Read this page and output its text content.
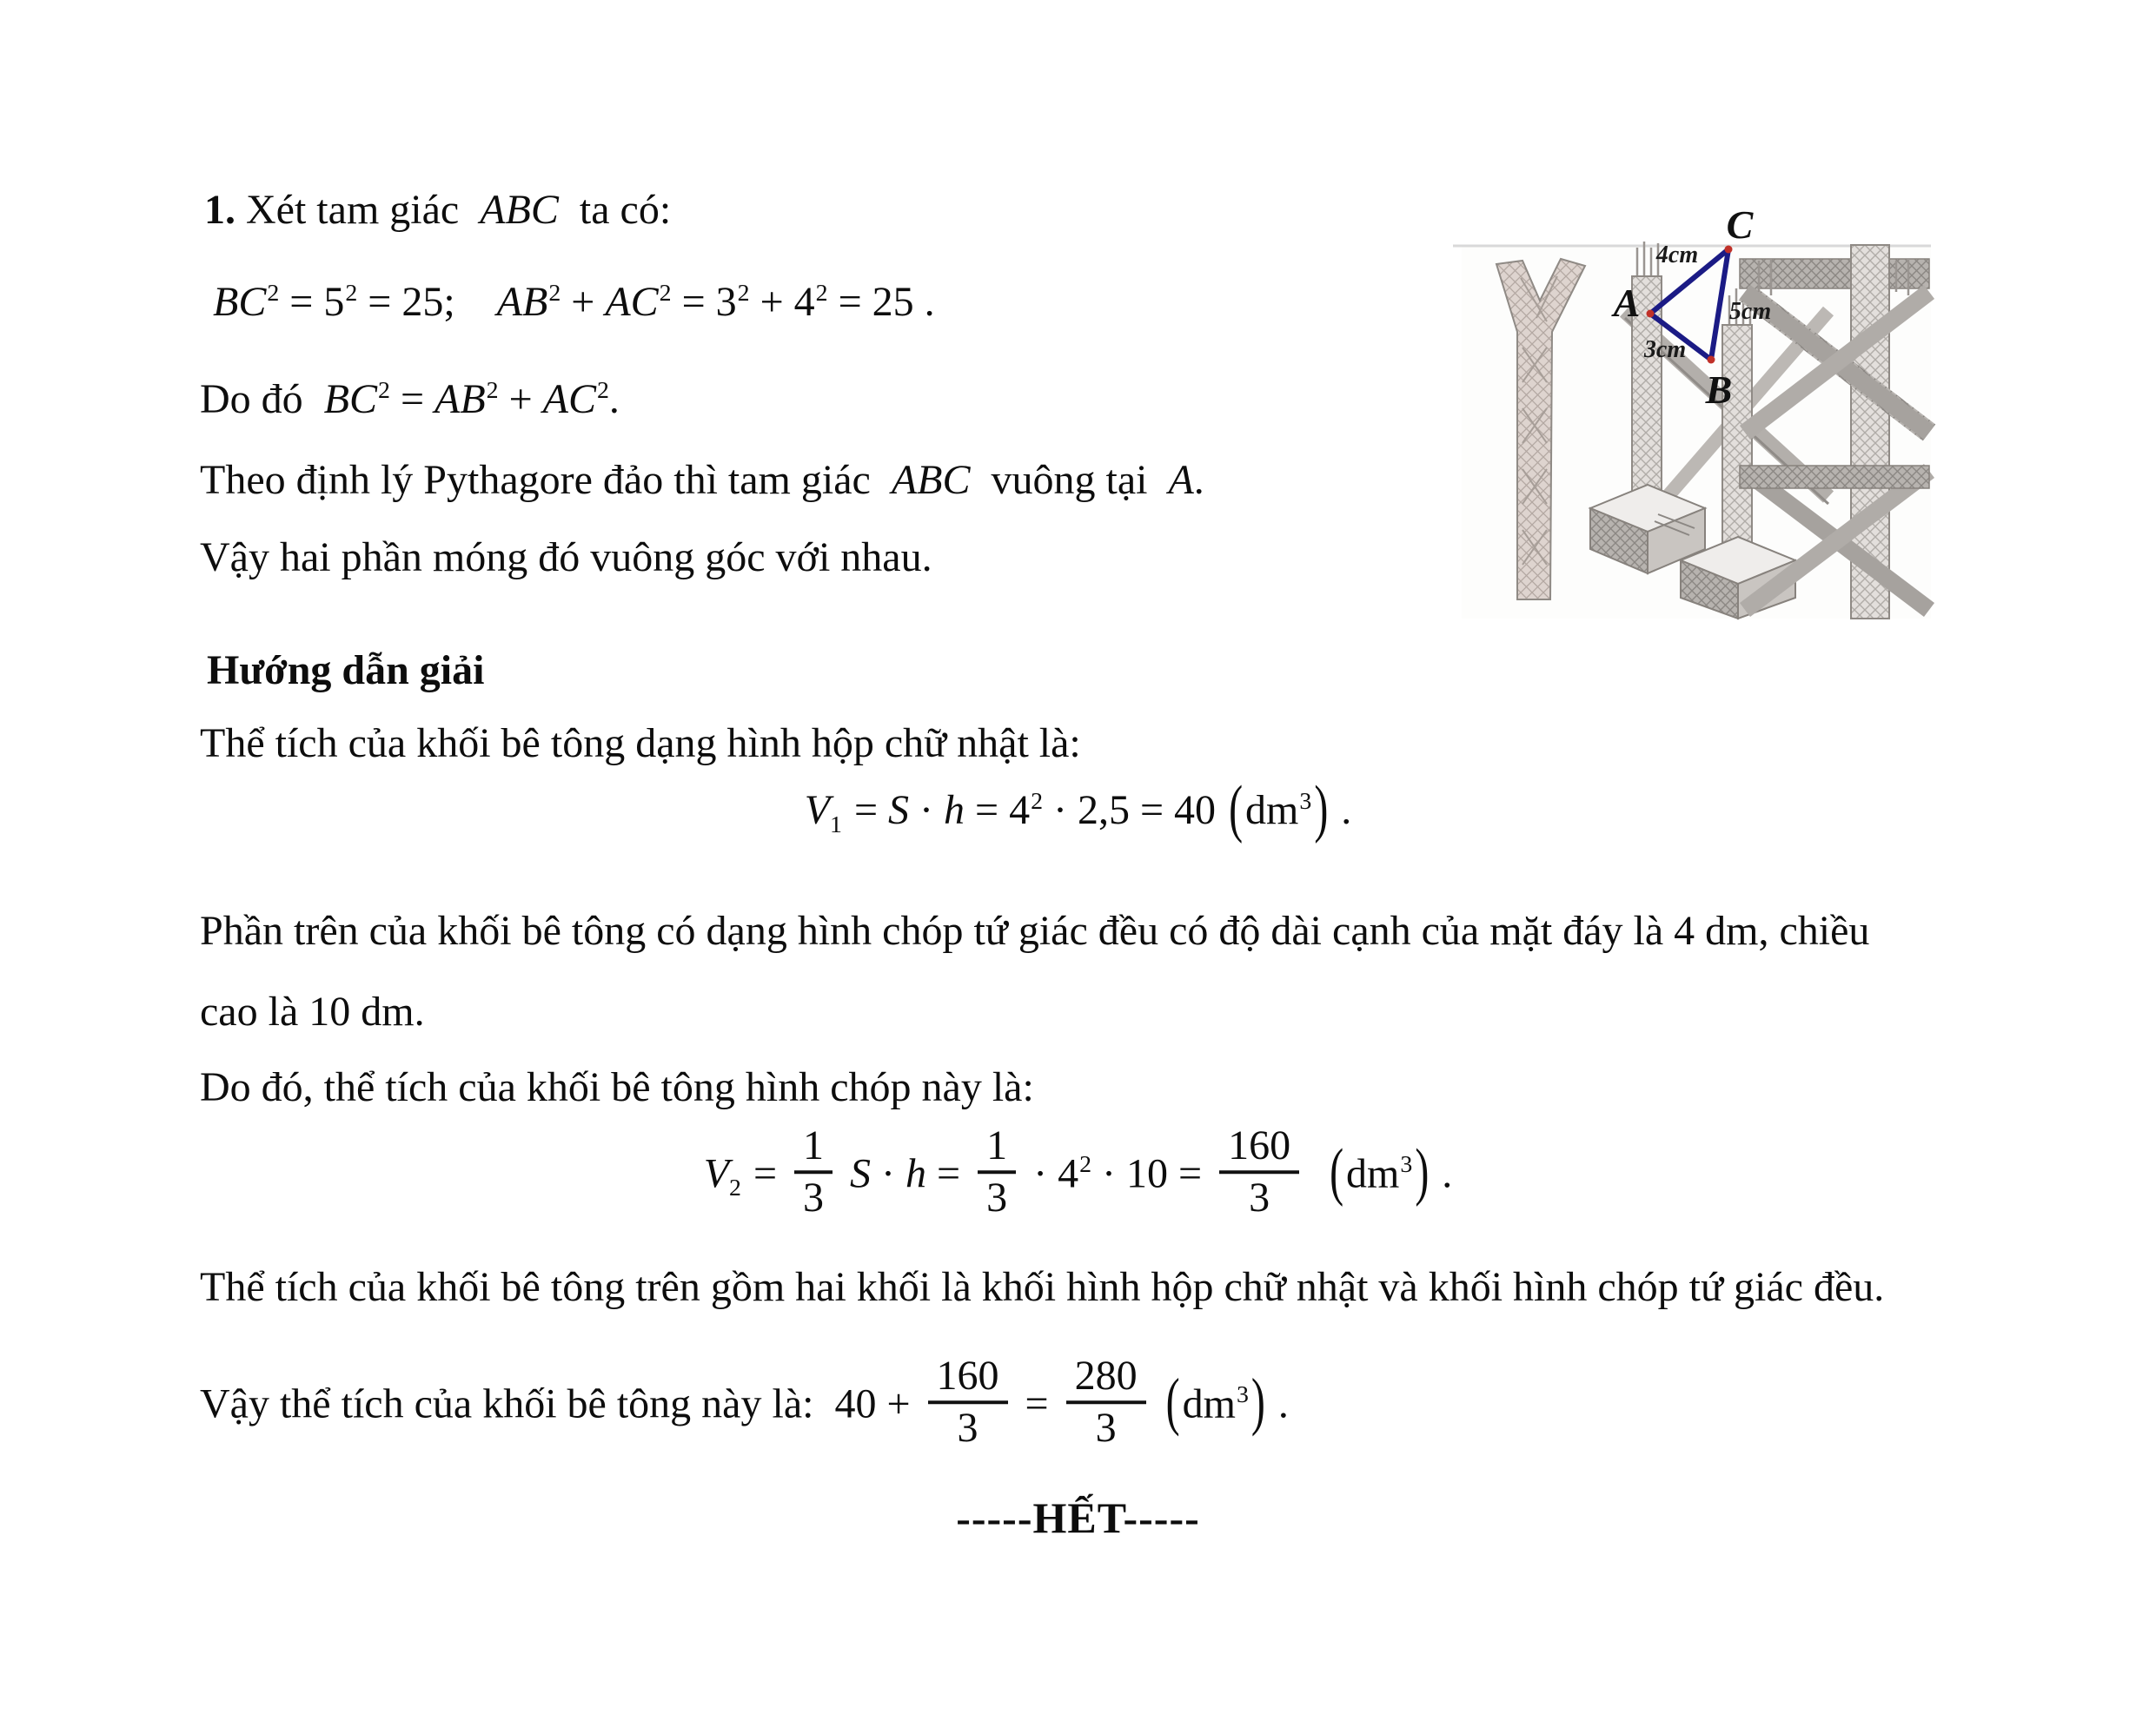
1. Xét tam giác  ABC  ta có:
$BC^2 = 5^2 = 25$;    $AB^2 + AC^2 = 3^2 + 4^2 = 25$ .
Do đó  $BC^2 = AB^2 + AC^2$.
Theo định lý Pythagore đảo thì tam giác  ABC  vuông tại  A.
Vậy hai phần móng đó vuông góc với nhau.
Hướng dẫn giải
Thể tích của khối bê tông dạng hình hộp chữ nhật là:
$V_1 = S \cdot h = 4^2 \cdot 2,5 = 40$ $(dm^3)$ .
Phần trên của khối bê tông có dạng hình chóp tứ giác đều có độ dài cạnh của mặt đáy là 4 dm, chiều
cao là 10 dm.
Do đó, thể tích của khối bê tông hình chóp này là:
$V_2 = \frac{1}{3}$ $S \cdot h = \frac{1}{3} \cdot 4^2 \cdot 10 = \frac{160}{3} (dm^3)$ .
Thể tích của khối bê tông trên gồm hai khối là khối hình hộp chữ nhật và khối hình chóp tứ giác đều.
Vậy thể tích của khối bê tông này là:  $40 + \frac{160}{3} = \frac{280}{3} (dm^3)$ .
-----HẾT-----
C
A
B
4cm
5cm
3cm
